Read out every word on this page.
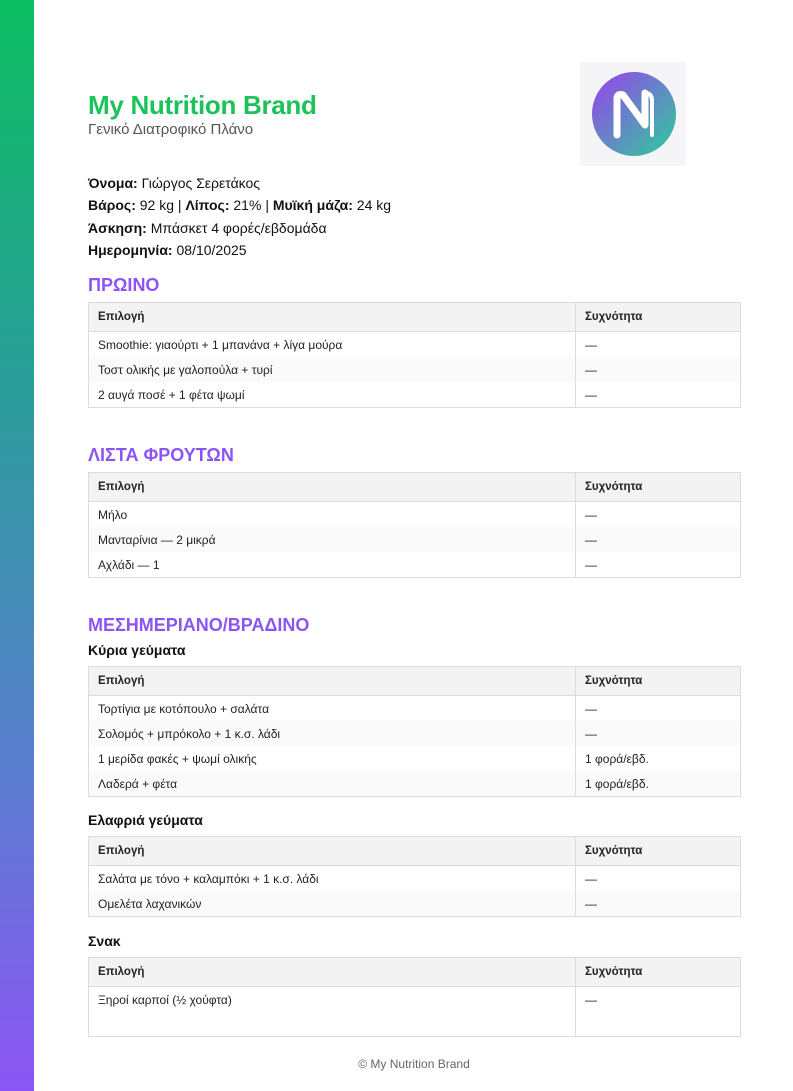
My Nutrition Brand
Γενικό Διατροφικό Πλάνο
Όνομα: Γιώργος Σερετάκος
Βάρος: 92 kg | Λίπος: 21% | Μυϊκή μάζα: 24 kg
Άσκηση: Μπάσκετ 4 φορές/εβδομάδα
Ημερομηνία: 08/10/2025
ΠΡΩΙΝΟ
Επιλογή	Συχνότητα
Smoothie: γιαούρτι + 1 μπανάνα + λίγα μούρα	—
Τοστ ολικής με γαλοπούλα + τυρί	—
2 αυγά ποσέ + 1 φέτα ψωμί	—
ΛΙΣΤΑ ΦΡΟΥΤΩΝ
Επιλογή	Συχνότητα
Μήλο	—
Μανταρίνια — 2 μικρά	—
Αχλάδι — 1	—
ΜΕΣΗΜΕΡΙΑΝΟ/ΒΡΑΔΙΝΟ
Κύρια γεύματα
Επιλογή	Συχνότητα
Τορτίγια με κοτόπουλο + σαλάτα	—
Σολομός + μπρόκολο + 1 κ.σ. λάδι	—
1 μερίδα φακές + ψωμί ολικής	1 φορά/εβδ.
Λαδερά + φέτα	1 φορά/εβδ.
Ελαφριά γεύματα
Επιλογή	Συχνότητα
Σαλάτα με τόνο + καλαμπόκι + 1 κ.σ. λάδι	—
Ομελέτα λαχανικών	—
Σνακ
Επιλογή	Συχνότητα
Ξηροί καρποί (½ χούφτα)	—

© My Nutrition Brand
